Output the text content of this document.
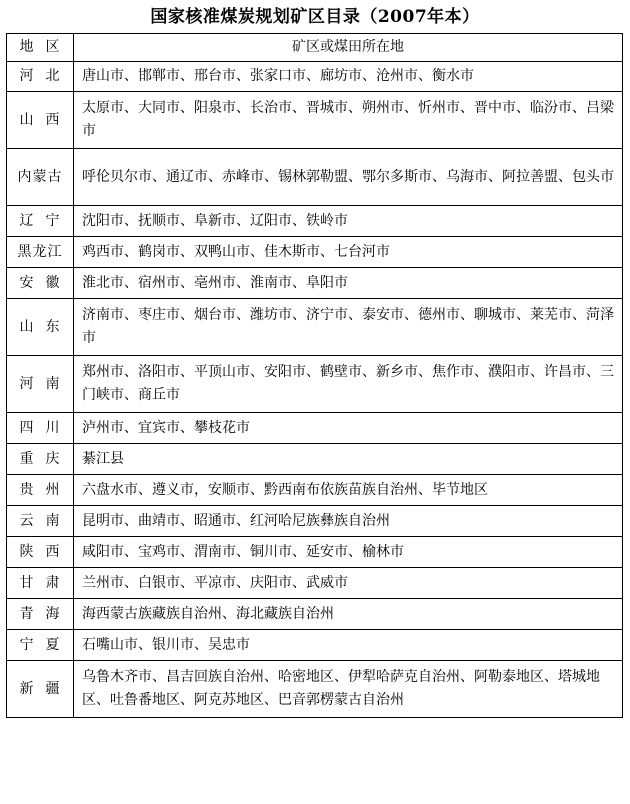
国家核准煤炭规划矿区目录（2007年本）
地  区	矿区或煤田所在地
河  北	唐山市、邯郸市、邢台市、张家口市、廊坊市、沧州市、衡水市
山  西	太原市、大同市、阳泉市、长治市、晋城市、朔州市、忻州市、晋中市、临汾市、吕梁市
内蒙古	呼伦贝尔市、通辽市、赤峰市、锡林郭勒盟、鄂尔多斯市、乌海市、阿拉善盟、包头市
辽  宁	沈阳市、抚顺市、阜新市、辽阳市、铁岭市
黑龙江	鸡西市、鹤岗市、双鸭山市、佳木斯市、七台河市
安  徽	淮北市、宿州市、亳州市、淮南市、阜阳市
山  东	济南市、枣庄市、烟台市、潍坊市、济宁市、泰安市、德州市、聊城市、莱芜市、菏泽市
河  南	郑州市、洛阳市、平顶山市、安阳市、鹤壁市、新乡市、焦作市、濮阳市、许昌市、三门峡市、商丘市
四  川	泸州市、宜宾市、攀枝花市
重  庆	綦江县
贵  州	六盘水市、遵义市，安顺市、黔西南布依族苗族自治州、毕节地区
云  南	昆明市、曲靖市、昭通市、红河哈尼族彝族自治州
陕  西	咸阳市、宝鸡市、渭南市、铜川市、延安市、榆林市
甘  肃	兰州市、白银市、平凉市、庆阳市、武威市
青  海	海西蒙古族藏族自治州、海北藏族自治州
宁  夏	石嘴山市、银川市、吴忠市
新  疆	乌鲁木齐市、昌吉回族自治州、哈密地区、伊犁哈萨克自治州、阿勒泰地区、塔城地区、吐鲁番地区、阿克苏地区、巴音郭楞蒙古自治州
